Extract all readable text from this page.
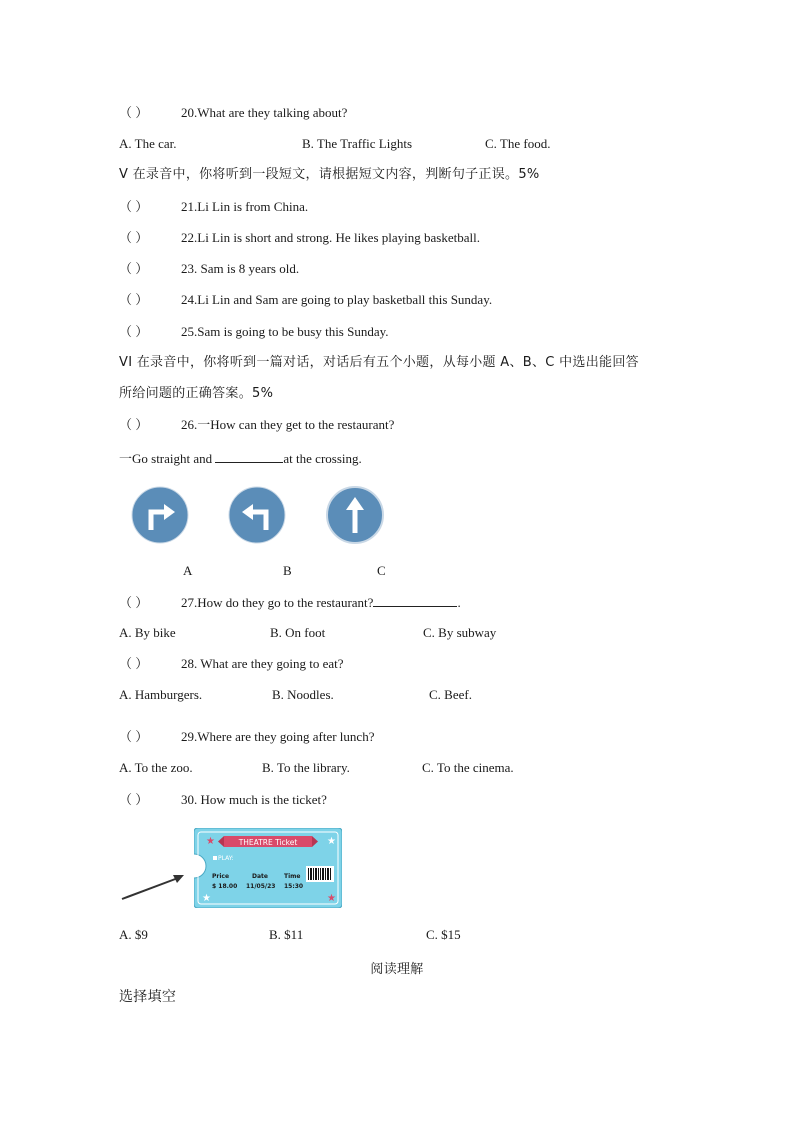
（ ）	20.What are they talking about?
A. The car.	B. The Traffic Lights	C. The food.
V 在录音中，你将听到一段短文，请根据短文内容，判断句子正误。5%
（ ）	21.Li Lin is from China.
（ ）	22.Li Lin is short and strong. He likes playing basketball.
（ ）	23. Sam is 8 years old.
（ ）	24.Li Lin and Sam are going to play basketball this Sunday.
（ ）	25.Sam is going to be busy this Sunday.
VI 在录音中，你将听到一篇对话，对话后有五个小题，从每小题 A、B、C 中选出能回答
所给问题的正确答案。5%
（ ）	26.一How can they get to the restaurant?
一Go straight and	at the crossing.
A	B	C
（ ）	27.How do they go to the restaurant?	.
A. By bike	B. On foot	C. By subway
（ ）	28. What are they going to eat?
A. Hamburgers.	B. Noodles.	C. Beef.
（ ）	29.Where are they going after lunch?
A. To the zoo.	B. To the library.	C. To the cinema.
（ ）	30. How much is the ticket?
THEATRE Ticket
★	★
★	★
PLAY:
Price	Date	Time
$ 18.00 11/05/23 15:30
A. $9	B. $11	C. $15
阅读理解
选择填空
